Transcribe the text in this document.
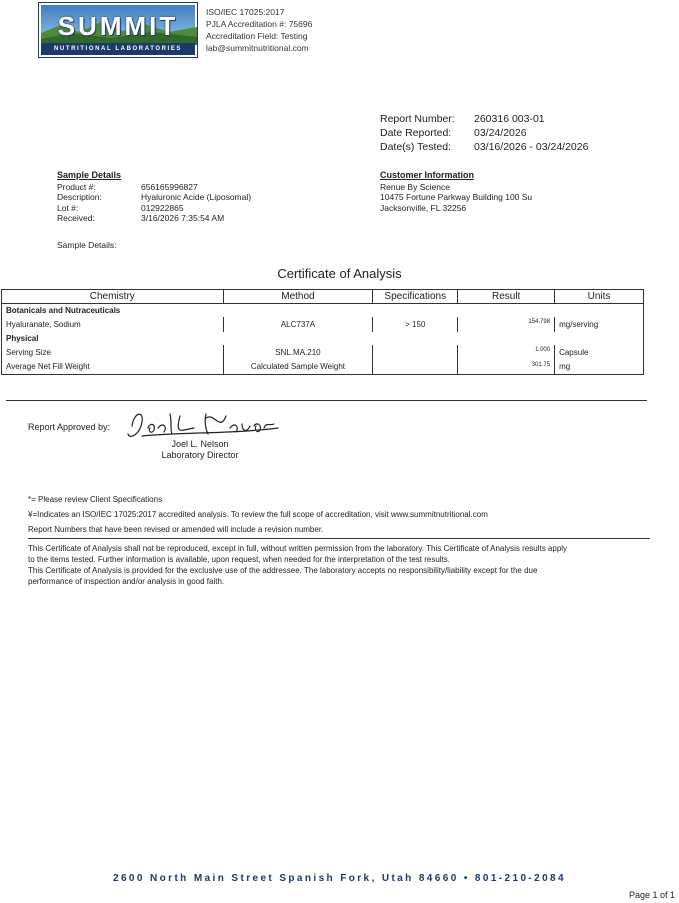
SUMMIT
NUTRITIONAL LABORATORIES
ISO/IEC 17025:2017
PJLA Accreditation #: 75696
Accreditation Field: Testing
lab@summitnutritional.com
Report Number:	260316 003-01
Date Reported:	03/24/2026
Date(s) Tested:	03/16/2026 - 03/24/2026
Sample Details
Product #:	656165996827
Description:	Hyaluronic Acide (Liposomal)
Lot #:	012922865
Received:	3/16/2026 7:35:54 AM
Customer Information
Renue By Science
10475 Fortune Parkway Building 100 Su
Jacksonville, FL 32256
Sample Details:
Certificate of Analysis
Chemistry	Method	Specifications	Result	Units
Botanicals and Nutraceuticals				
Hyaluranate, Sodium	ALC737A	> 150	154.798	mg/serving
Physical				
Serving Size	SNL.MA.210		1.000	Capsule
Average Net Fill Weight	Calculated Sample Weight		301.75	mg
Report Approved by:
Joel L. Nelson
Laboratory Director
*= Please review Client Specifications
¥=Indicates an ISO/IEC 17025:2017 accredited analysis. To review the full scope of accreditation, visit www.summitnutritional.com
Report Numbers that have been revised or amended will include a revision number.
This Certificate of Analysis shall not be reproduced, except in full, without written permission from the laboratory. This Certificate of Analysis results apply
to the items tested. Further information is available, upon request, when needed for the interpretation of the test results.
This Certificate of Analysis is provided for the exclusive use of the addressee. The laboratory accepts no responsibility/liability except for the due
performance of inspection and/or analysis in good faith.
2600 North Main Street Spanish Fork, Utah 84660 • 801-210-2084
Page 1 of 1
